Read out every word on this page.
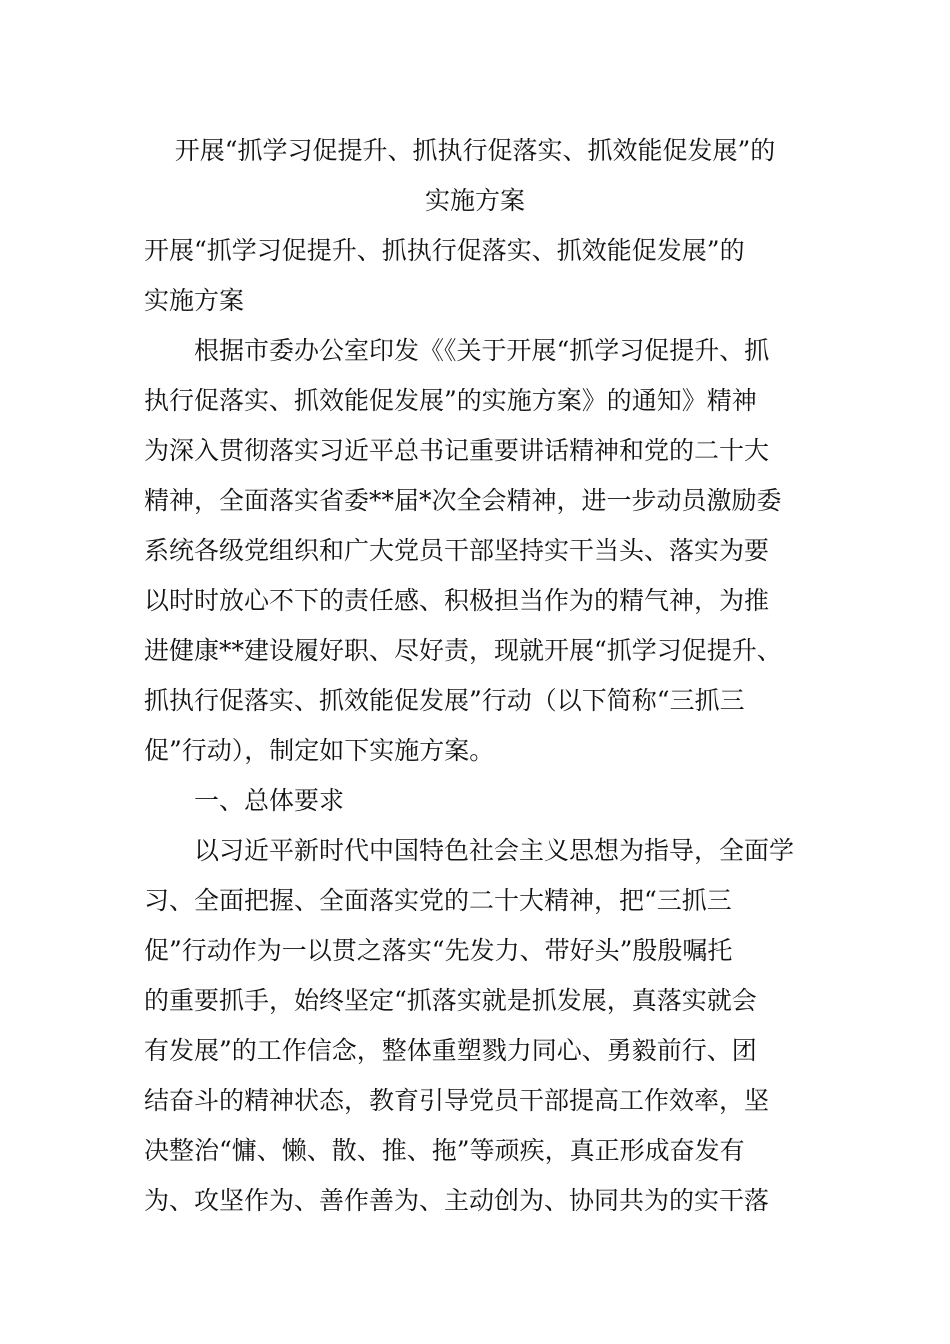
开展“抓学习促提升、抓执行促落实、抓效能促发展”的
实施方案
开展“抓学习促提升、抓执行促落实、抓效能促发展”的
实施方案
　　根据市委办公室印发《《关于开展“抓学习促提升、抓
执行促落实、抓效能促发展”的实施方案》的通知》精神
为深入贯彻落实习近平总书记重要讲话精神和党的二十大
精神，全面落实省委**届*次全会精神，进一步动员激励委
系统各级党组织和广大党员干部坚持实干当头、落实为要
以时时放心不下的责任感、积极担当作为的精气神，为推
进健康**建设履好职、尽好责，现就开展“抓学习促提升、
抓执行促落实、抓效能促发展”行动（以下简称“三抓三
促”行动），制定如下实施方案。
　　一、总体要求
　　以习近平新时代中国特色社会主义思想为指导，全面学
习、全面把握、全面落实党的二十大精神，把“三抓三
促”行动作为一以贯之落实“先发力、带好头”殷殷嘱托
的重要抓手，始终坚定“抓落实就是抓发展，真落实就会
有发展”的工作信念，整体重塑戮力同心、勇毅前行、团
结奋斗的精神状态，教育引导党员干部提高工作效率，坚
决整治“慵、懒、散、推、拖”等顽疾，真正形成奋发有
为、攻坚作为、善作善为、主动创为、协同共为的实干落
